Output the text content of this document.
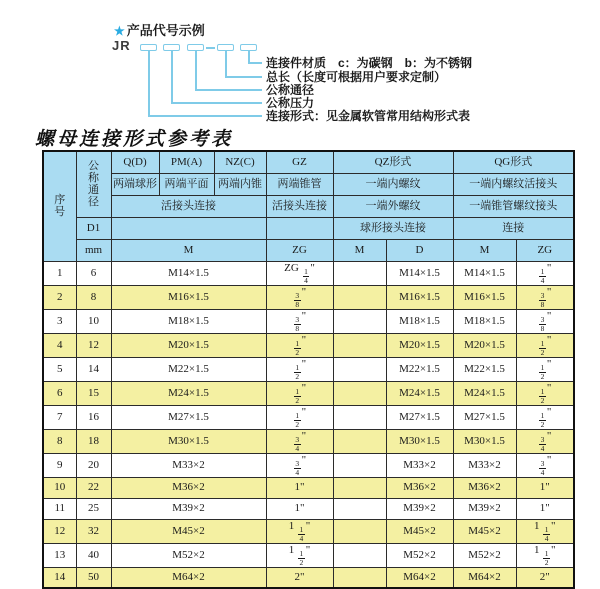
★ 产品代号示例
JR
连接件材质　c：为碳钢　b：为不锈钢
总长（长度可根据用户要求定制）
公称通径
公称压力
连接形式：见金属软管常用结构形式表
螺母连接形式参考表
序
号	公
称
通
径	Q(D)	PM(A)	NZ(C)	GZ	QZ形式		QG形式	
		两端球形	两端平面	两端内锥	两端锥管	一端内螺纹		一端内螺纹活接头	
		活接头连接			活接头连接	一端外螺纹		一端锥管螺纹接头	
	D1					球形接头连接		连接	
	mm	M			ZG	M	D	M	ZG
1	6	M14×1.5			ZG $\frac{1}{4}$ "		M14×1.5	M14×1.5	$\frac{1}{4}$ "
2	8	M16×1.5			$\frac{3}{8}$ "		M16×1.5	M16×1.5	$\frac{3}{8}$ "
3	10	M18×1.5			$\frac{3}{8}$ "		M18×1.5	M18×1.5	$\frac{3}{8}$ "
4	12	M20×1.5			$\frac{1}{2}$ "		M20×1.5	M20×1.5	$\frac{1}{2}$ "
5	14	M22×1.5			$\frac{1}{2}$ "		M22×1.5	M22×1.5	$\frac{1}{2}$ "
6	15	M24×1.5			$\frac{1}{2}$ "		M24×1.5	M24×1.5	$\frac{1}{2}$ "
7	16	M27×1.5			$\frac{1}{2}$ "		M27×1.5	M27×1.5	$\frac{1}{2}$ "
8	18	M30×1.5			$\frac{3}{4}$ "		M30×1.5	M30×1.5	$\frac{3}{4}$ "
9	20	M33×2			$\frac{3}{4}$ "		M33×2	M33×2	$\frac{3}{4}$ "
10	22	M36×2			1"		M36×2	M36×2	1"
11	25	M39×2			1"		M39×2	M39×2	1"
12	32	M45×2			$1 \frac{1}{4}$ "		M45×2	M45×2	$1 \frac{1}{4}$ "
13	40	M52×2			$1 \frac{1}{2}$ "		M52×2	M52×2	$1 \frac{1}{2}$ "
14	50	M64×2			2"		M64×2	M64×2	2"
